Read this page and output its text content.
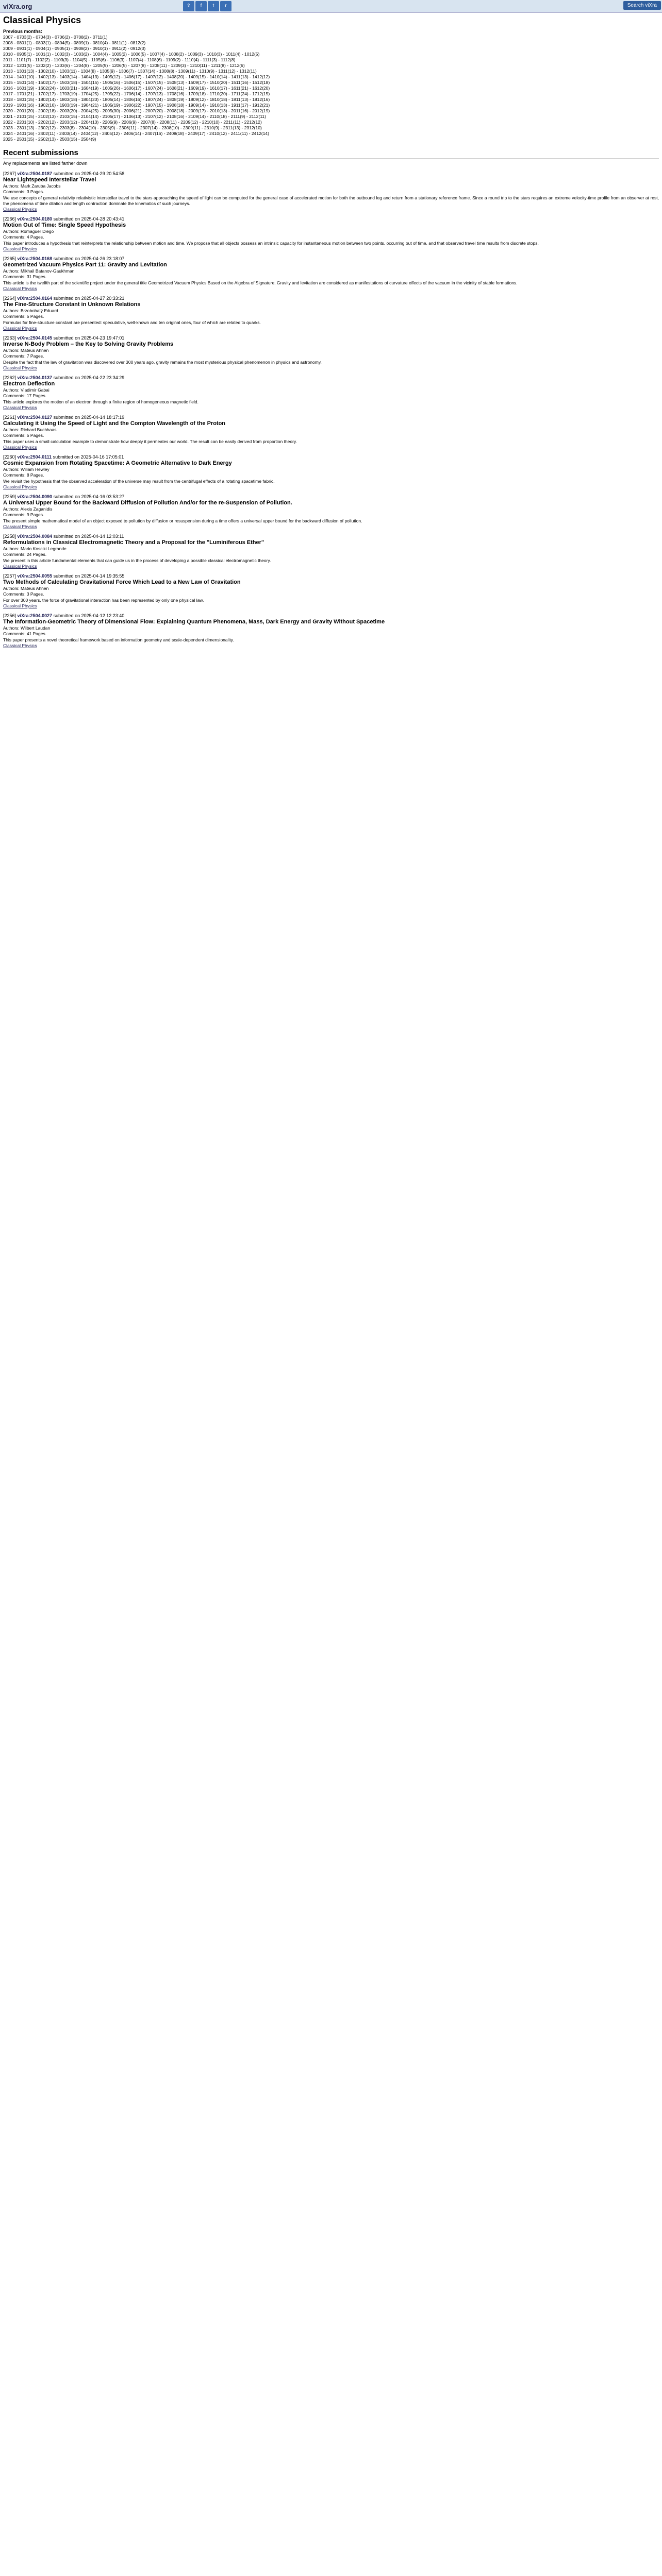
viXra.org	⇪	f	t	r	Search viXra
Classical Physics
Previous months:
2007 - 0703(2) - 0704(3) - 0706(2) - 0708(2) - 0711(1)
2008 - 0801(1) - 0803(1) - 0804(5) - 0809(1) - 0810(4) - 0811(1) - 0812(2)
2009 - 0901(1) - 0904(1) - 0905(1) - 0908(2) - 0910(1) - 0911(2) - 0912(3)
2010 - 0905(1) - 1001(1) - 1002(3) - 1003(2) - 1004(4) - 1005(2) - 1006(5) - 1007(4) - 1008(2) - 1009(3) - 1010(3) - 1011(4) - 1012(5)
2011 - 1101(7) - 1102(2) - 1103(3) - 1104(5) - 1105(6) - 1106(3) - 1107(4) - 1108(6) - 1109(2) - 1110(4) - 1111(3) - 1112(8)
2012 - 1201(5) - 1202(2) - 1203(6) - 1204(8) - 1205(9) - 1206(5) - 1207(8) - 1208(11) - 1209(3) - 1210(11) - 1211(8) - 1212(6)
2013 - 1301(13) - 1302(10) - 1303(11) - 1304(8) - 1305(9) - 1306(7) - 1307(14) - 1308(8) - 1309(11) - 1310(9) - 1311(12) - 1312(11)
2014 - 1401(10) - 1402(13) - 1403(14) - 1404(13) - 1405(12) - 1406(17) - 1407(12) - 1408(20) - 1409(15) - 1410(14) - 1411(13) - 1412(12)
2015 - 1501(14) - 1502(17) - 1503(18) - 1504(15) - 1505(16) - 1506(15) - 1507(15) - 1508(13) - 1509(17) - 1510(20) - 1511(16) - 1512(18)
2016 - 1601(19) - 1602(24) - 1603(21) - 1604(19) - 1605(26) - 1606(17) - 1607(24) - 1608(21) - 1609(19) - 1610(17) - 1611(21) - 1612(20)
2017 - 1701(21) - 1702(17) - 1703(19) - 1704(25) - 1705(22) - 1706(14) - 1707(13) - 1708(16) - 1709(18) - 1710(20) - 1711(24) - 1712(15)
2018 - 1801(15) - 1802(14) - 1803(18) - 1804(23) - 1805(14) - 1806(16) - 1807(24) - 1808(19) - 1809(12) - 1810(18) - 1811(13) - 1812(16)
2019 - 1901(16) - 1902(16) - 1903(19) - 1904(21) - 1905(19) - 1906(22) - 1907(15) - 1908(18) - 1909(14) - 1910(13) - 1911(17) - 1912(21)
2020 - 2001(20) - 2002(18) - 2003(20) - 2004(25) - 2005(30) - 2006(21) - 2007(20) - 2008(18) - 2009(17) - 2010(13) - 2011(16) - 2012(19)
2021 - 2101(15) - 2102(13) - 2103(15) - 2104(14) - 2105(17) - 2106(13) - 2107(12) - 2108(16) - 2109(14) - 2110(18) - 2111(9) - 2112(11)
2022 - 2201(10) - 2202(12) - 2203(12) - 2204(13) - 2205(9) - 2206(9) - 2207(8) - 2208(11) - 2209(12) - 2210(10) - 2211(11) - 2212(12)
2023 - 2301(13) - 2302(12) - 2303(8) - 2304(10) - 2305(9) - 2306(11) - 2307(14) - 2308(10) - 2309(11) - 2310(9) - 2311(13) - 2312(10)
2024 - 2401(16) - 2402(11) - 2403(14) - 2404(12) - 2405(12) - 2406(14) - 2407(16) - 2408(18) - 2409(17) - 2410(12) - 2411(11) - 2412(14)
2025 - 2501(15) - 2502(13) - 2503(15) - 2504(9)
Recent submissions
Any replacements are listed farther down
[2267] viXra:2504.0187 submitted on 2025-04-29 20:54:58
Near Lightspeed Interstellar Travel
Authors: Mark Zaruba Jacobs
Comments: 3 Pages.
We use concepts of general relativity relativistic interstellar travel to the stars approaching the speed of light can be computed for the general case of accelerated motion for both the outbound leg and return from a stationary reference frame. Since a round trip to the stars requires an extreme velocity-time profile from an observer at rest, the phenomena of time dilation and length contraction dominate the kinematics of such journeys.
Classical Physics
[2266] viXra:2504.0180 submitted on 2025-04-28 20:43:41
Motion Out of Time: Single Speed Hypothesis
Authors: Romaguer Diego
Comments: 4 Pages.
This paper introduces a hypothesis that reinterprets the relationship between motion and time. We propose that all objects possess an intrinsic capacity for instantaneous motion between two points, occurring out of time, and that observed travel time results from discrete stops.
Classical Physics
[2265] viXra:2504.0168 submitted on 2025-04-26 23:18:07
Geometrized Vacuum Physics Part 11: Gravity and Levitation
Authors: Mikhail Batanov-Gaukhman
Comments: 31 Pages.
This article is the twelfth part of the scientific project under the general title Geometrized Vacuum Physics Based on the Algebra of Signature. Gravity and levitation are considered as manifestations of curvature effects of the vacuum in the vicinity of stable formations.
Classical Physics
[2264] viXra:2504.0164 submitted on 2025-04-27 20:33:21
The Fine-Structure Constant in Unknown Relations
Authors: Brzobohatý Eduard
Comments: 5 Pages.
Formulas for fine-structure constant are presented: speculative, well-known and ten original ones, four of which are related to quarks.
Classical Physics
[2263] viXra:2504.0145 submitted on 2025-04-23 19:47:01
Inverse N-Body Problem – the Key to Solving Gravity Problems
Authors: Mateus Ahnen
Comments: 7 Pages.
Despite the fact that the law of gravitation was discovered over 300 years ago, gravity remains the most mysterious physical phenomenon in physics and astronomy.
Classical Physics
[2262] viXra:2504.0137 submitted on 2025-04-22 23:34:29
Electron Deflection
Authors: Vladimir Gabai
Comments: 17 Pages.
This article explores the motion of an electron through a finite region of homogeneous magnetic field.
Classical Physics
[2261] viXra:2504.0127 submitted on 2025-04-14 18:17:19
Calculating it Using the Speed of Light and the Compton Wavelength of the Proton
Authors: Richard Buchhaas
Comments: 5 Pages.
This paper uses a small calculation example to demonstrate how deeply it permeates our world. The result can be easily derived from proportion theory.
Classical Physics
[2260] viXra:2504.0111 submitted on 2025-04-16 17:05:01
Cosmic Expansion from Rotating Spacetime: A Geometric Alternative to Dark Energy
Authors: Wiliam Hewley
Comments: 8 Pages.
We revisit the hypothesis that the observed acceleration of the universe may result from the centrifugal effects of a rotating spacetime fabric.
Classical Physics
[2259] viXra:2504.0090 submitted on 2025-04-16 03:53:27
A Universal Upper Bound for the Backward Diffusion of Pollution And/or for the re-Suspension of Pollution.
Authors: Alexis Zaganidis
Comments: 9 Pages.
The present simple mathematical model of an object exposed to pollution by diffusion or resuspension during a time offers a universal upper bound for the backward diffusion of pollution.
Classical Physics
[2258] viXra:2504.0084 submitted on 2025-04-14 12:03:11
Reformulations in Classical Electromagnetic Theory and a Proposal for the "Luminiferous Ether"
Authors: Mario Kosciki Legrande
Comments: 24 Pages.
We present in this article fundamental elements that can guide us in the process of developing a possible classical electromagnetic theory.
Classical Physics
[2257] viXra:2504.0055 submitted on 2025-04-14 19:35:55
Two Methods of Calculating Gravitational Force Which Lead to a New Law of Gravitation
Authors: Mateus Ahnen
Comments: 3 Pages.
For over 300 years, the force of gravitational interaction has been represented by only one physical law.
Classical Physics
[2256] viXra:2504.0027 submitted on 2025-04-12 12:23:40
The Information-Geometric Theory of Dimensional Flow: Explaining Quantum Phenomena, Mass, Dark Energy and Gravity Without Spacetime
Authors: Wilbert Laudan
Comments: 41 Pages.
This paper presents a novel theoretical framework based on information geometry and scale-dependent dimensionality.
Classical Physics
